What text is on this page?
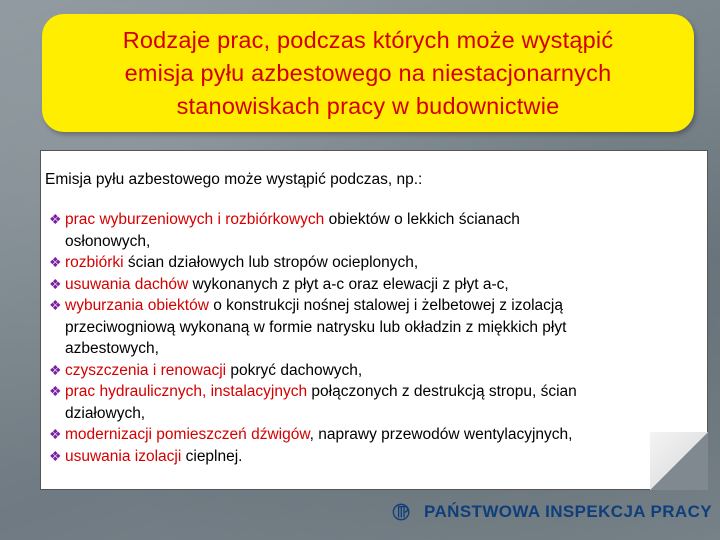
Rodzaje prac, podczas których może wystąpić
emisja pyłu azbestowego na niestacjonarnych
stanowiskach pracy w budownictwie
Emisja pyłu azbestowego może wystąpić podczas, np.:
❖ prac wyburzeniowych i rozbiórkowych obiektów o lekkich ścianach
osłonowych,
❖ rozbiórki ścian działowych lub stropów ocieplonych,
❖ usuwania dachów wykonanych z płyt a-c oraz elewacji z płyt a-c,
❖ wyburzania obiektów o konstrukcji nośnej stalowej i żelbetowej z izolacją
przeciwogniową wykonaną w formie natrysku lub okładzin z miękkich płyt
azbestowych,
❖ czyszczenia i renowacji pokryć dachowych,
❖ prac hydraulicznych, instalacyjnych połączonych z destrukcją stropu, ścian
działowych,
❖ modernizacji pomieszczeń dźwigów, naprawy przewodów wentylacyjnych,
❖ usuwania izolacji cieplnej.
PAŃSTWOWA INSPEKCJA PRACY
